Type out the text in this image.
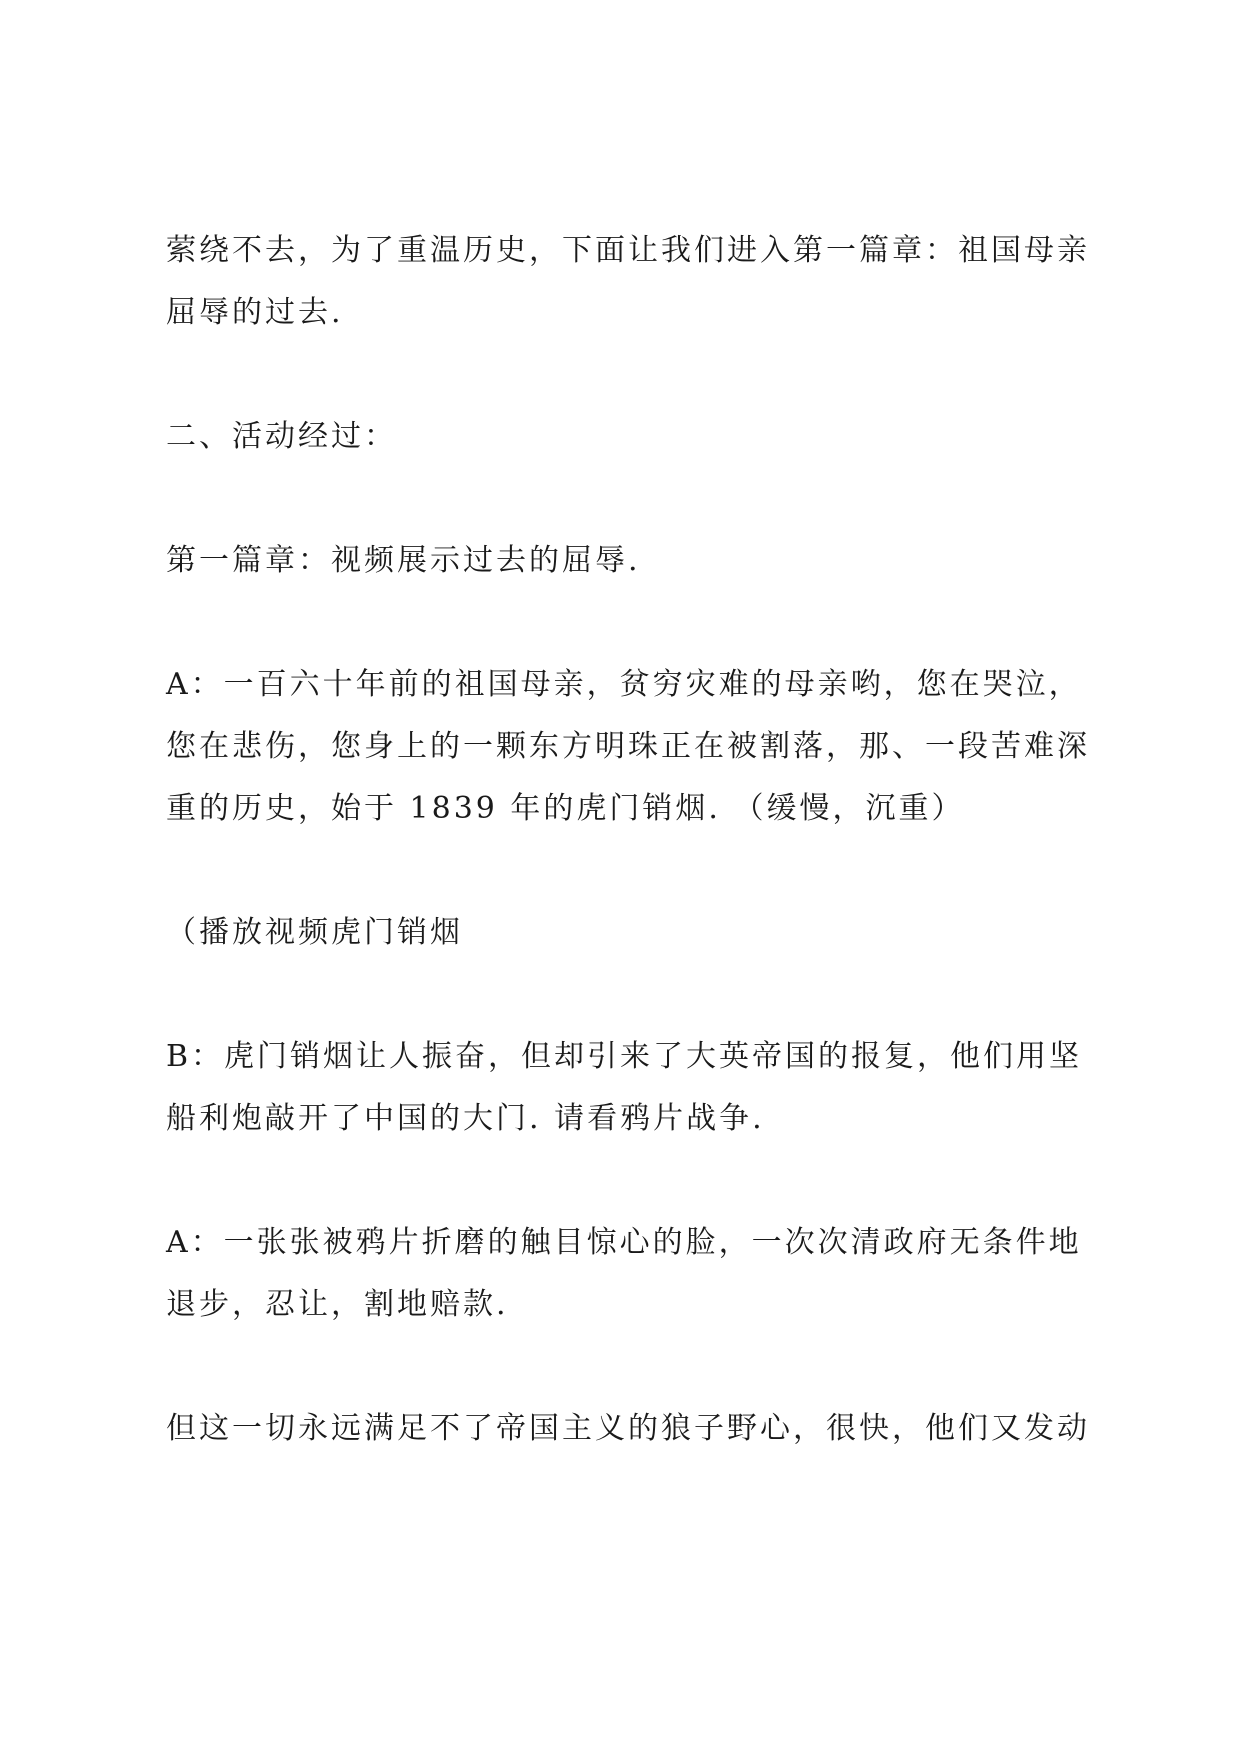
萦绕不去，为了重温历史，下面让我们进入第一篇章：祖国母亲
屈辱的过去.

二、活动经过：

第一篇章：视频展示过去的屈辱.

A：一百六十年前的祖国母亲，贫穷灾难的母亲哟，您在哭泣，
您在悲伤，您身上的一颗东方明珠正在被割落，那、一段苦难深
重的历史，始于 1839 年的虎门销烟. （缓慢，沉重）

（播放视频虎门销烟

B：虎门销烟让人振奋，但却引来了大英帝国的报复，他们用坚
船利炮敲开了中国的大门. 请看鸦片战争.

A：一张张被鸦片折磨的触目惊心的脸，一次次清政府无条件地
退步，忍让，割地赔款.

但这一切永远满足不了帝国主义的狼子野心，很快，他们又发动
